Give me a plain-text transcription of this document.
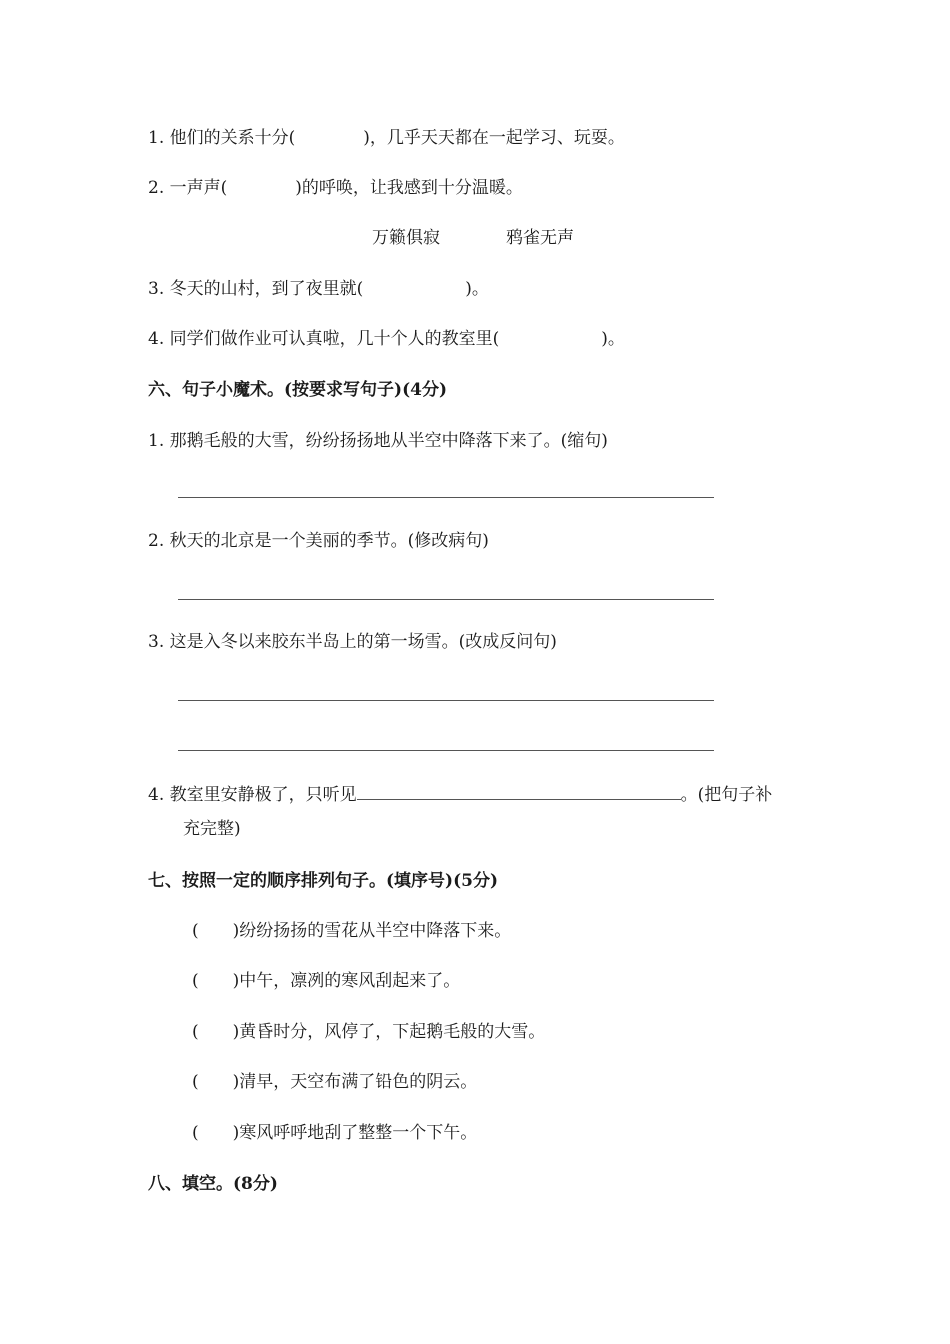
1. 他们的关系十分(　　　　)，几乎天天都在一起学习、玩耍。
2. 一声声(　　　　)的呼唤，让我感到十分温暖。
万籁俱寂	鸦雀无声
3. 冬天的山村，到了夜里就(　　　　　　)。
4. 同学们做作业可认真啦，几十个人的教室里(　　　　　　)。
六、句子小魔术。(按要求写句子)(4分)
1. 那鹅毛般的大雪，纷纷扬扬地从半空中降落下来了。(缩句)
2. 秋天的北京是一个美丽的季节。(修改病句)
3. 这是入冬以来胶东半岛上的第一场雪。(改成反问句)
4. 教室里安静极了，只听见	。(把句子补
充完整)
七、按照一定的顺序排列句子。(填序号)(5分)
(　　)纷纷扬扬的雪花从半空中降落下来。
(　　)中午，凛冽的寒风刮起来了。
(　　)黄昏时分，风停了，下起鹅毛般的大雪。
(　　)清早，天空布满了铅色的阴云。
(　　)寒风呼呼地刮了整整一个下午。
八、填空。(8分)
